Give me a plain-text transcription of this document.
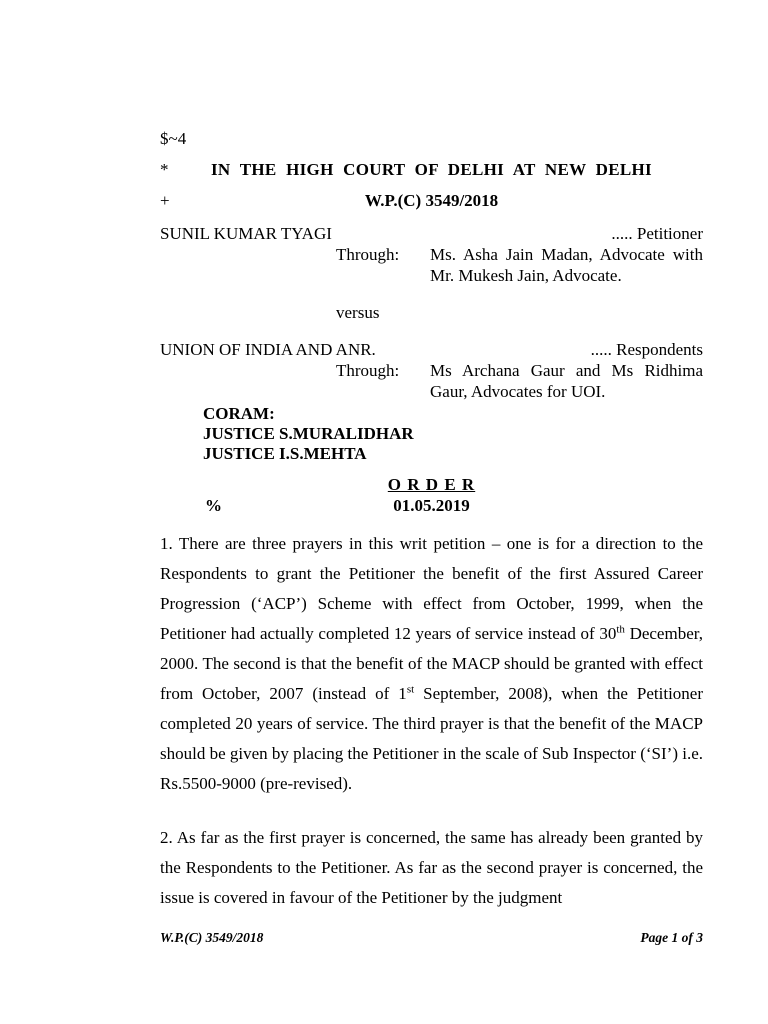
$~4
*	IN THE HIGH COURT OF DELHI AT NEW DELHI
+	W.P.(C) 3549/2018
SUNIL KUMAR TYAGI	..... Petitioner
Through:	Ms. Asha Jain Madan, Advocate with
Mr. Mukesh Jain, Advocate.
versus
UNION OF INDIA AND ANR.	..... Respondents
Through:	Ms Archana Gaur and Ms Ridhima
Gaur, Advocates for UOI.
CORAM:
JUSTICE S.MURALIDHAR
JUSTICE I.S.MEHTA
O R D E R
%	01.05.2019

1. There are three prayers in this writ petition – one is for a direction to the Respondents to grant the Petitioner the benefit of the first Assured Career Progression (‘ACP’) Scheme with effect from October, 1999, when the Petitioner had actually completed 12 years of service instead of 30th December, 2000. The second is that the benefit of the MACP should be granted with effect from October, 2007 (instead of 1st September, 2008), when the Petitioner completed 20 years of service. The third prayer is that the benefit of the MACP should be given by placing the Petitioner in the scale of Sub Inspector (‘SI’) i.e. Rs.5500-9000 (pre-revised).

2. As far as the first prayer is concerned, the same has already been granted by the Respondents to the Petitioner. As far as the second prayer is concerned, the issue is covered in favour of the Petitioner by the judgment

W.P.(C) 3549/2018	Page 1 of 3
